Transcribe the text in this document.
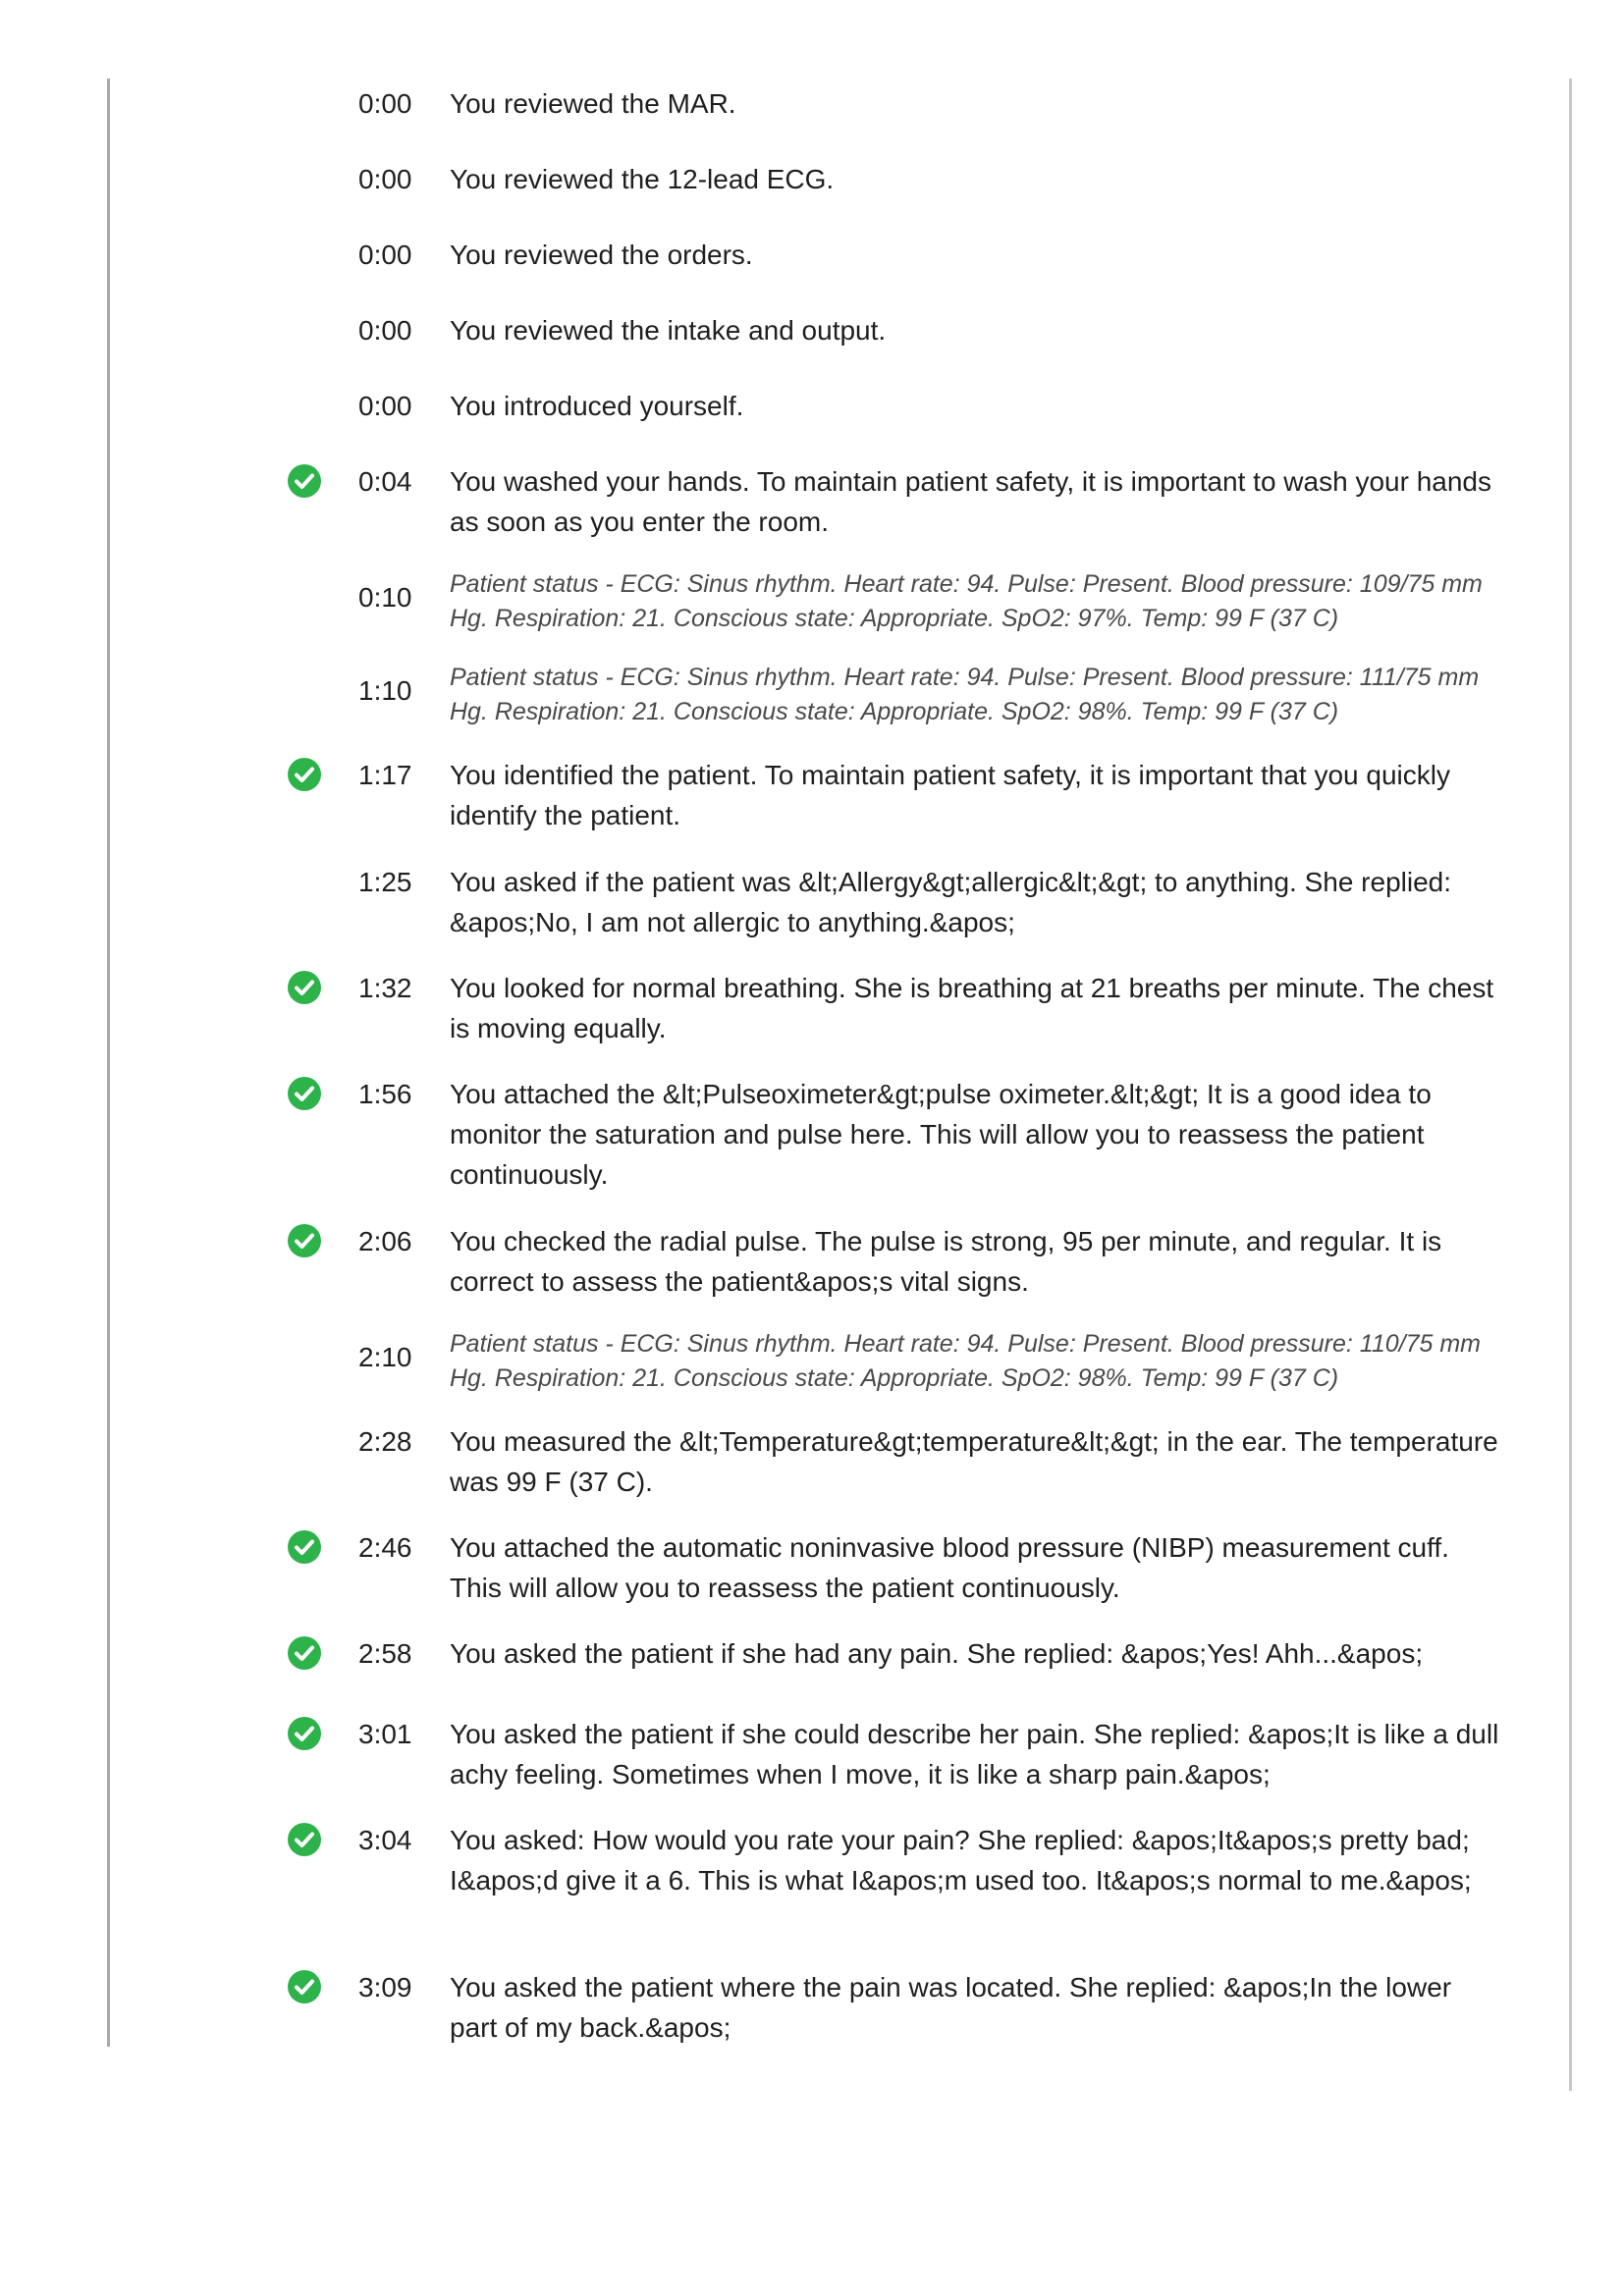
0:00	You reviewed the MAR.
0:00	You reviewed the 12-lead ECG.
0:00	You reviewed the orders.
0:00	You reviewed the intake and output.
0:00	You introduced yourself.
0:04	You washed your hands. To maintain patient safety, it is important to wash your hands as soon as you enter the room.
0:10	Patient status - ECG: Sinus rhythm. Heart rate: 94. Pulse: Present. Blood pressure: 109/75 mm Hg. Respiration: 21. Conscious state: Appropriate. SpO2: 97%. Temp: 99 F (37 C)
1:10	Patient status - ECG: Sinus rhythm. Heart rate: 94. Pulse: Present. Blood pressure: 111/75 mm Hg. Respiration: 21. Conscious state: Appropriate. SpO2: 98%. Temp: 99 F (37 C)
1:17	You identified the patient. To maintain patient safety, it is important that you quickly identify the patient.
1:25	You asked if the patient was &lt;Allergy&gt;allergic&lt;&gt; to anything. She replied: &apos;No, I am not allergic to anything.&apos;
1:32	You looked for normal breathing. She is breathing at 21 breaths per minute. The chest is moving equally.
1:56	You attached the &lt;Pulseoximeter&gt;pulse oximeter.&lt;&gt; It is a good idea to monitor the saturation and pulse here. This will allow you to reassess the patient continuously.
2:06	You checked the radial pulse. The pulse is strong, 95 per minute, and regular. It is correct to assess the patient&apos;s vital signs.
2:10	Patient status - ECG: Sinus rhythm. Heart rate: 94. Pulse: Present. Blood pressure: 110/75 mm Hg. Respiration: 21. Conscious state: Appropriate. SpO2: 98%. Temp: 99 F (37 C)
2:28	You measured the &lt;Temperature&gt;temperature&lt;&gt; in the ear. The temperature was 99 F (37 C).
2:46	You attached the automatic noninvasive blood pressure (NIBP) measurement cuff. This will allow you to reassess the patient continuously.
2:58	You asked the patient if she had any pain. She replied: &apos;Yes! Ahh...&apos;
3:01	You asked the patient if she could describe her pain. She replied: &apos;It is like a dull achy feeling. Sometimes when I move, it is like a sharp pain.&apos;
3:04	You asked: How would you rate your pain? She replied: &apos;It&apos;s pretty bad; I&apos;d give it a 6. This is what I&apos;m used too. It&apos;s normal to me.&apos;
3:09	You asked the patient where the pain was located. She replied: &apos;In the lower part of my back.&apos;
